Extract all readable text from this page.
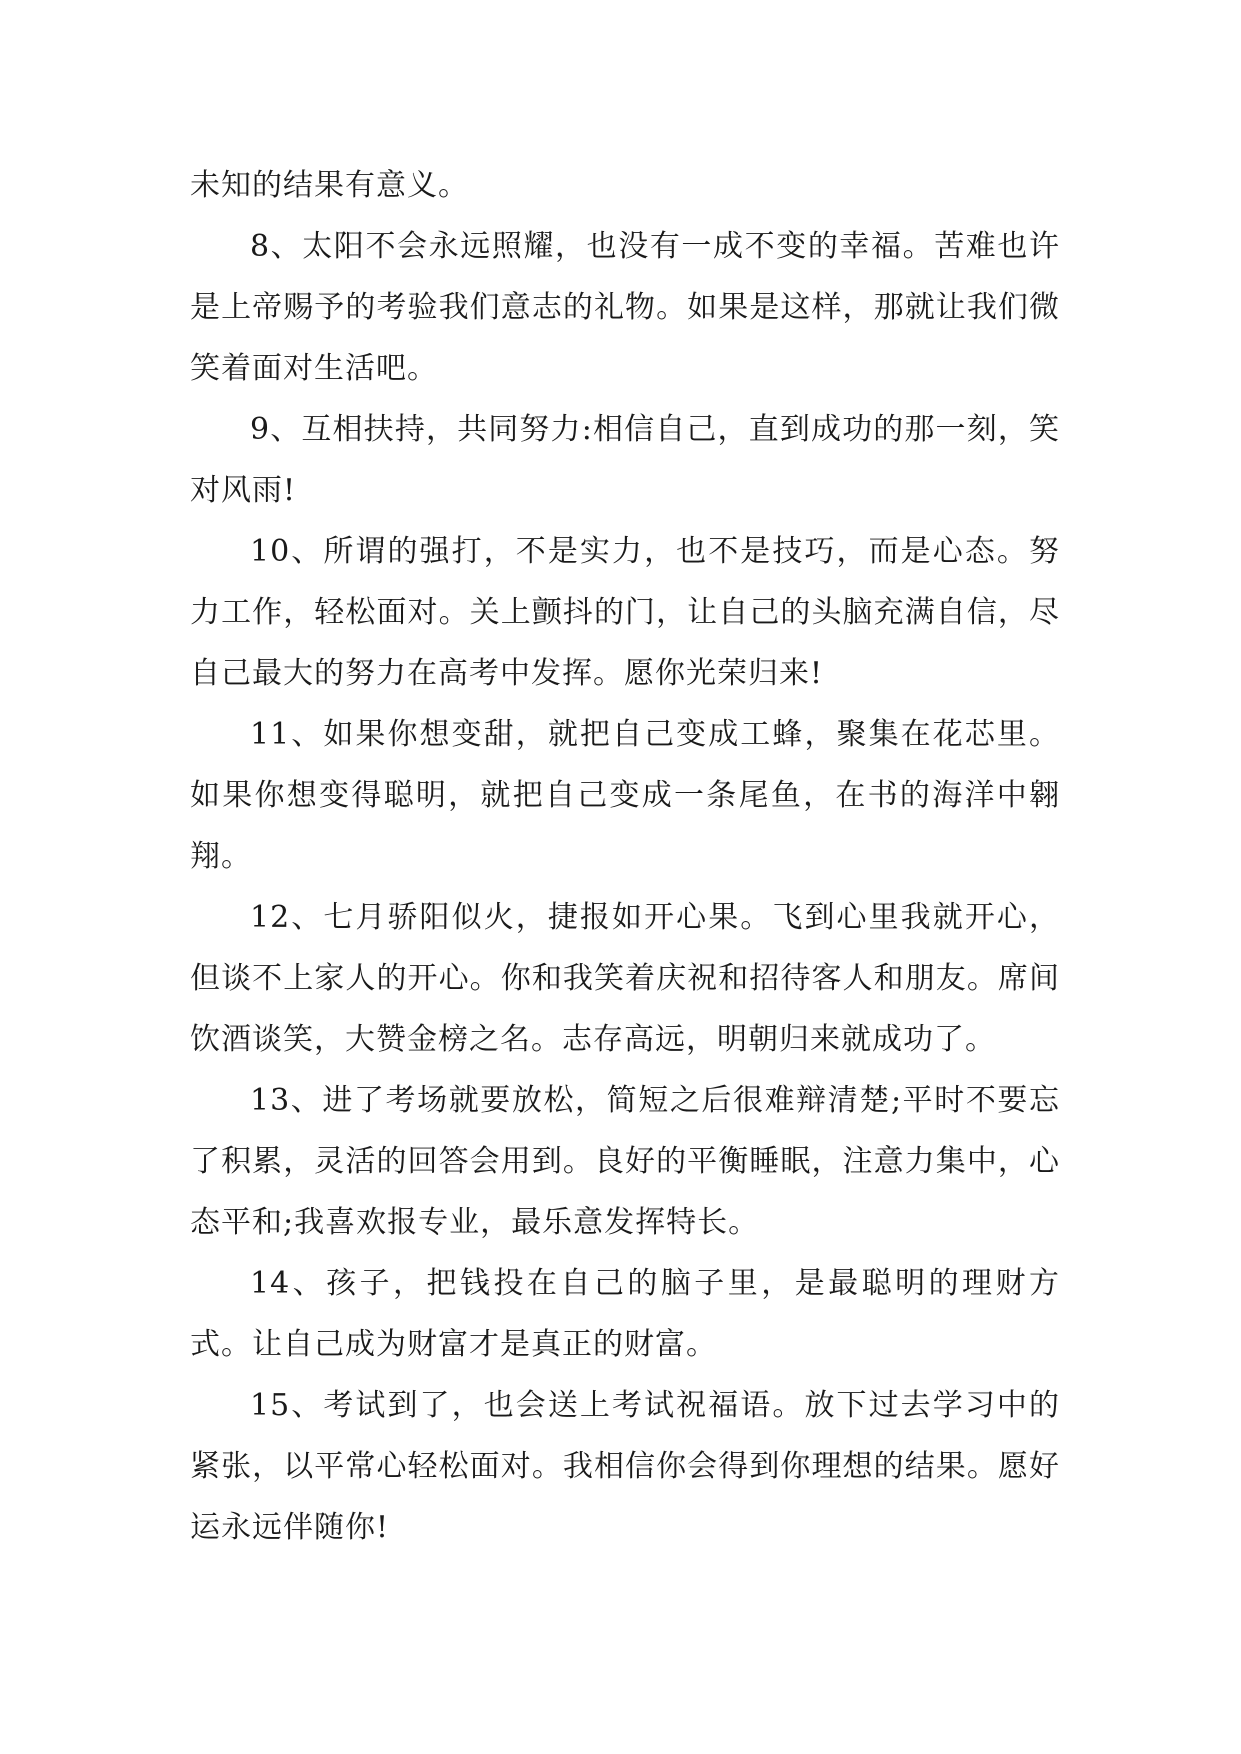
未知的结果有意义。

8、太阳不会永远照耀，也没有一成不变的幸福。苦难也许是上帝赐予的考验我们意志的礼物。如果是这样，那就让我们微笑着面对生活吧。

9、互相扶持，共同努力:相信自己，直到成功的那一刻，笑对风雨!

10、所谓的强打，不是实力，也不是技巧，而是心态。努力工作，轻松面对。关上颤抖的门，让自己的头脑充满自信，尽自己最大的努力在高考中发挥。愿你光荣归来!

11、如果你想变甜，就把自己变成工蜂，聚集在花芯里。如果你想变得聪明，就把自己变成一条尾鱼，在书的海洋中翱翔。

12、七月骄阳似火，捷报如开心果。飞到心里我就开心，但谈不上家人的开心。你和我笑着庆祝和招待客人和朋友。席间饮酒谈笑，大赞金榜之名。志存高远，明朝归来就成功了。

13、进了考场就要放松，简短之后很难辩清楚;平时不要忘了积累，灵活的回答会用到。良好的平衡睡眠，注意力集中，心态平和;我喜欢报专业，最乐意发挥特长。

14、孩子，把钱投在自己的脑子里，是最聪明的理财方式。让自己成为财富才是真正的财富。

15、考试到了，也会送上考试祝福语。放下过去学习中的紧张，以平常心轻松面对。我相信你会得到你理想的结果。愿好运永远伴随你!
